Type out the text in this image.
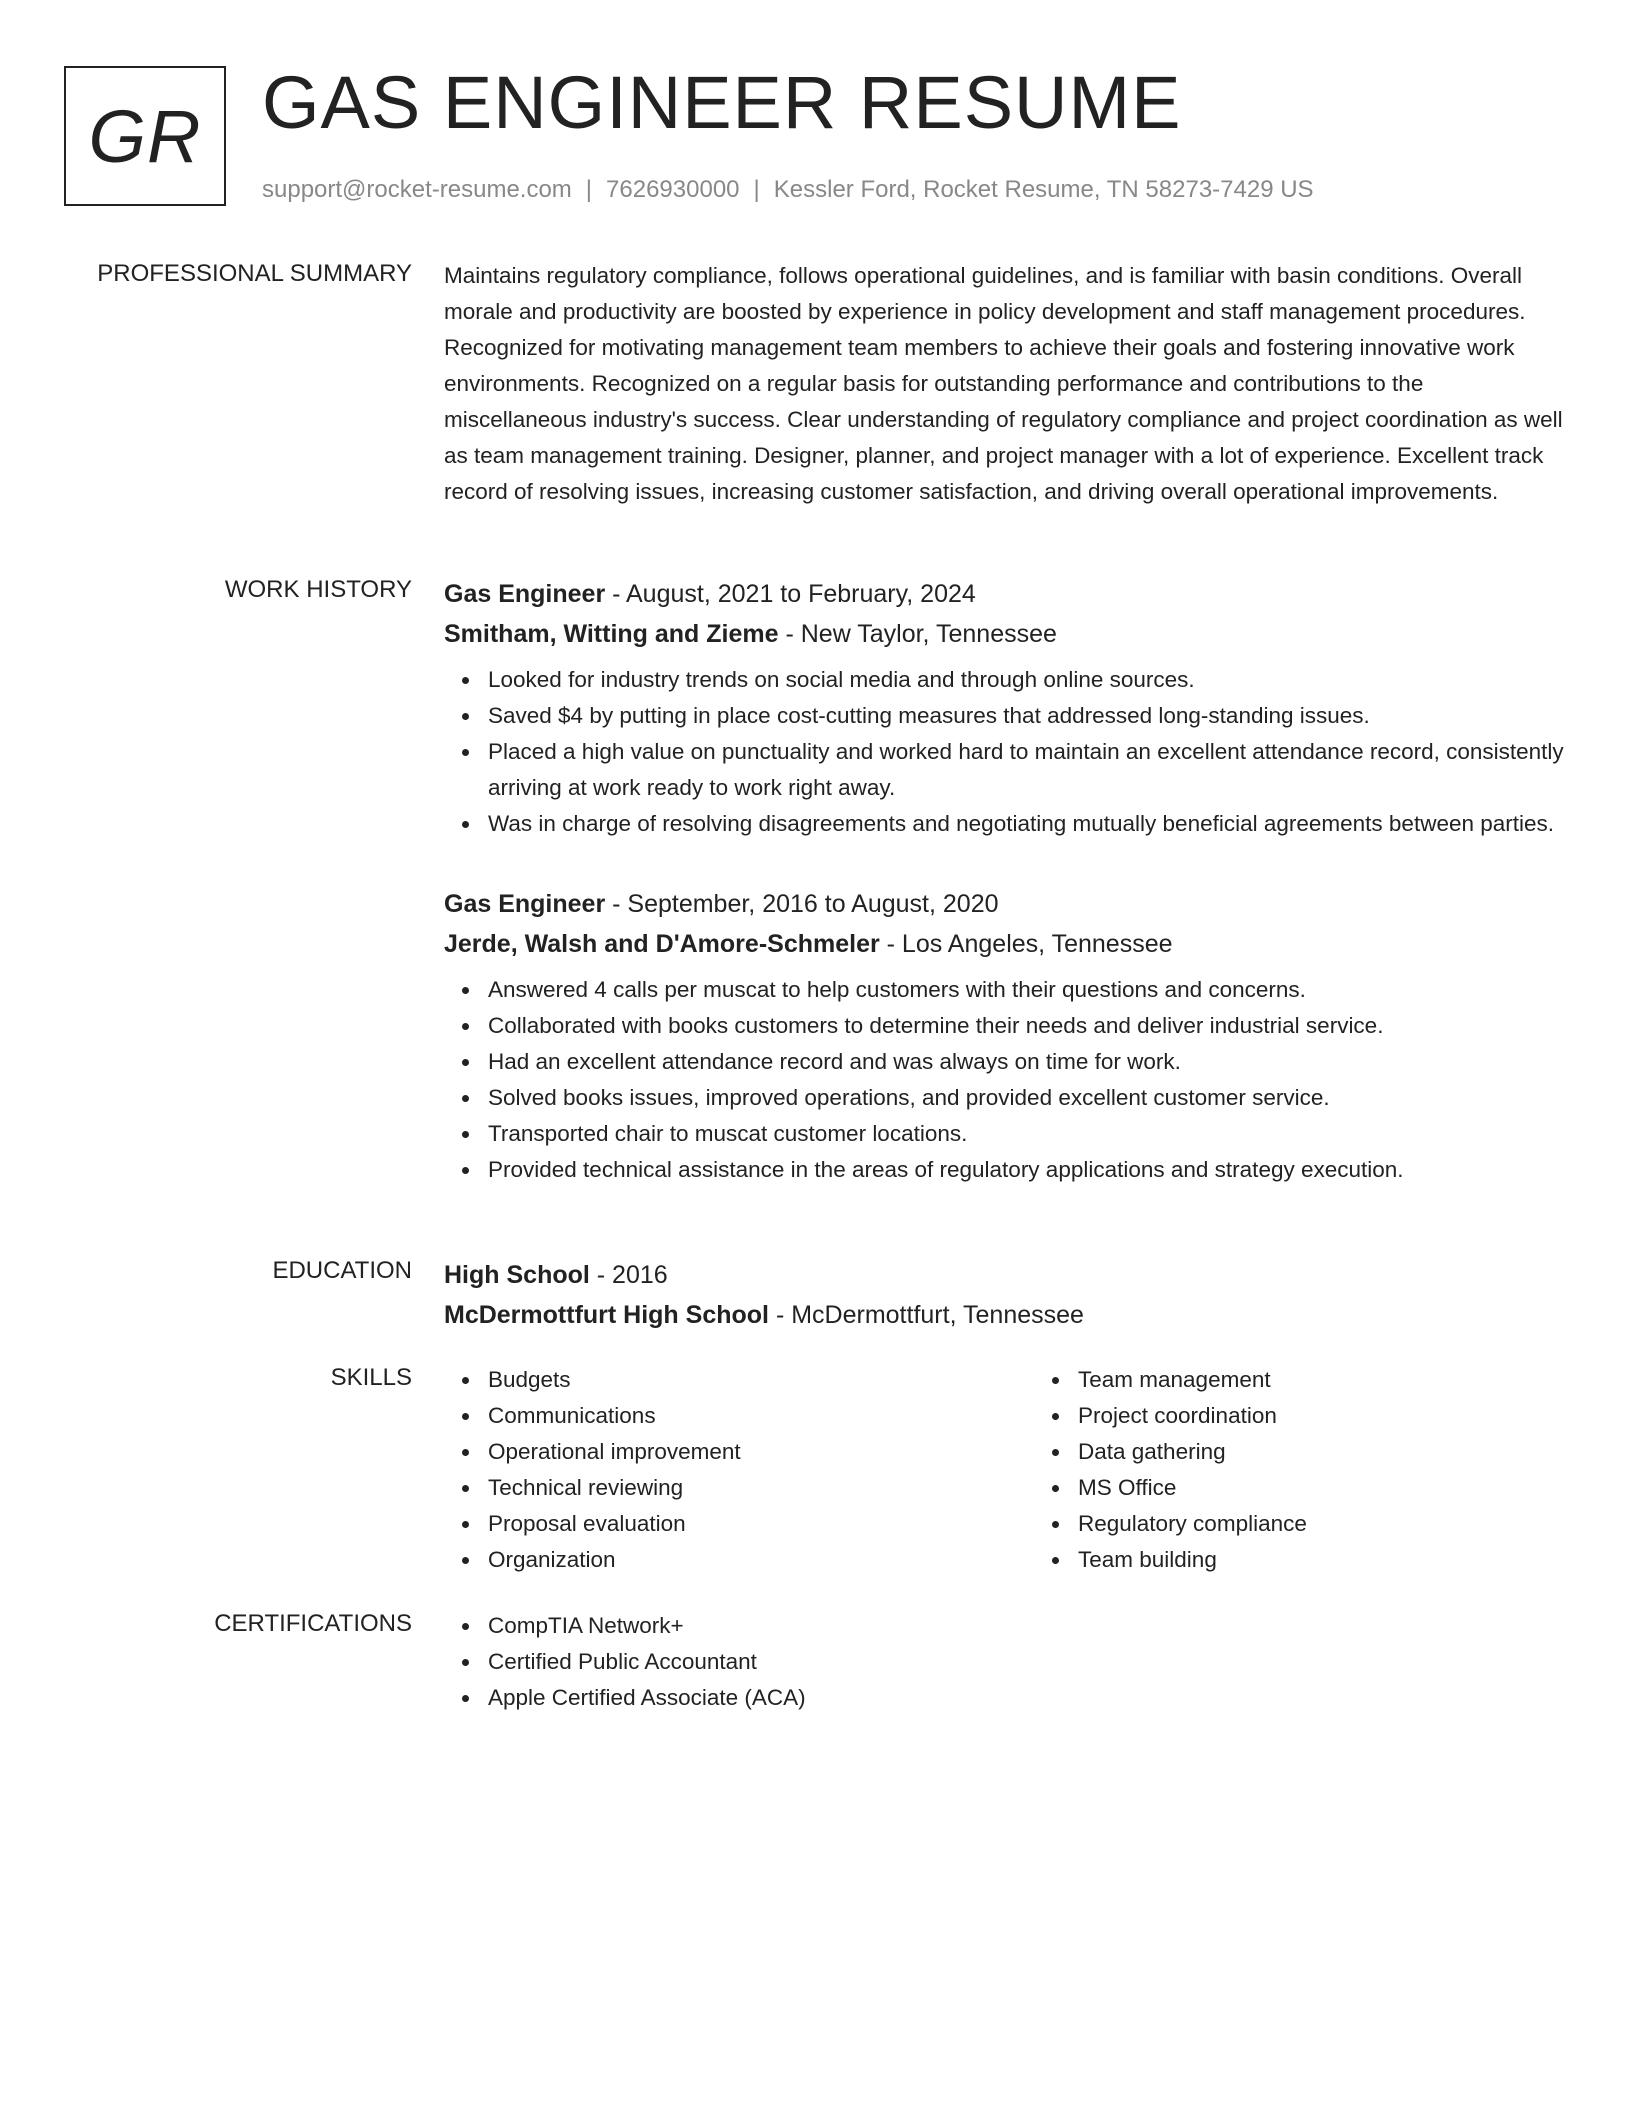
GR GAS ENGINEER RESUME
support@rocket-resume.com | 7626930000 | Kessler Ford, Rocket Resume, TN 58273-7429 US
PROFESSIONAL SUMMARY Maintains regulatory compliance, follows operational guidelines, and is familiar with basin conditions. Overall morale and productivity are boosted by experience in policy development and staff management procedures. Recognized for motivating management team members to achieve their goals and fostering innovative work environments. Recognized on a regular basis for outstanding performance and contributions to the miscellaneous industry's success. Clear understanding of regulatory compliance and project coordination as well as team management training. Designer, planner, and project manager with a lot of experience. Excellent track record of resolving issues, increasing customer satisfaction, and driving overall operational improvements.

WORK HISTORY Gas Engineer - August, 2021 to February, 2024
Smitham, Witting and Zieme - New Taylor, Tennessee
Looked for industry trends on social media and through online sources.
Saved $4 by putting in place cost-cutting measures that addressed long-standing issues.
Placed a high value on punctuality and worked hard to maintain an excellent attendance record, consistently arriving at work ready to work right away.
Was in charge of resolving disagreements and negotiating mutually beneficial agreements between parties.
Gas Engineer - September, 2016 to August, 2020
Jerde, Walsh and D'Amore-Schmeler - Los Angeles, Tennessee
Answered 4 calls per muscat to help customers with their questions and concerns.
Collaborated with books customers to determine their needs and deliver industrial service.
Had an excellent attendance record and was always on time for work.
Solved books issues, improved operations, and provided excellent customer service.
Transported chair to muscat customer locations.
Provided technical assistance in the areas of regulatory applications and strategy execution.
EDUCATION High School - 2016
McDermottfurt High School - McDermottfurt, Tennessee
SKILLS	Budgets
Communications
Operational improvement
Technical reviewing
Proposal evaluation
Organization
Team management
Project coordination
Data gathering
MS Office
Regulatory compliance
Team building
CERTIFICATIONS	CompTIA Network+
Certified Public Accountant
Apple Certified Associate (ACA)
